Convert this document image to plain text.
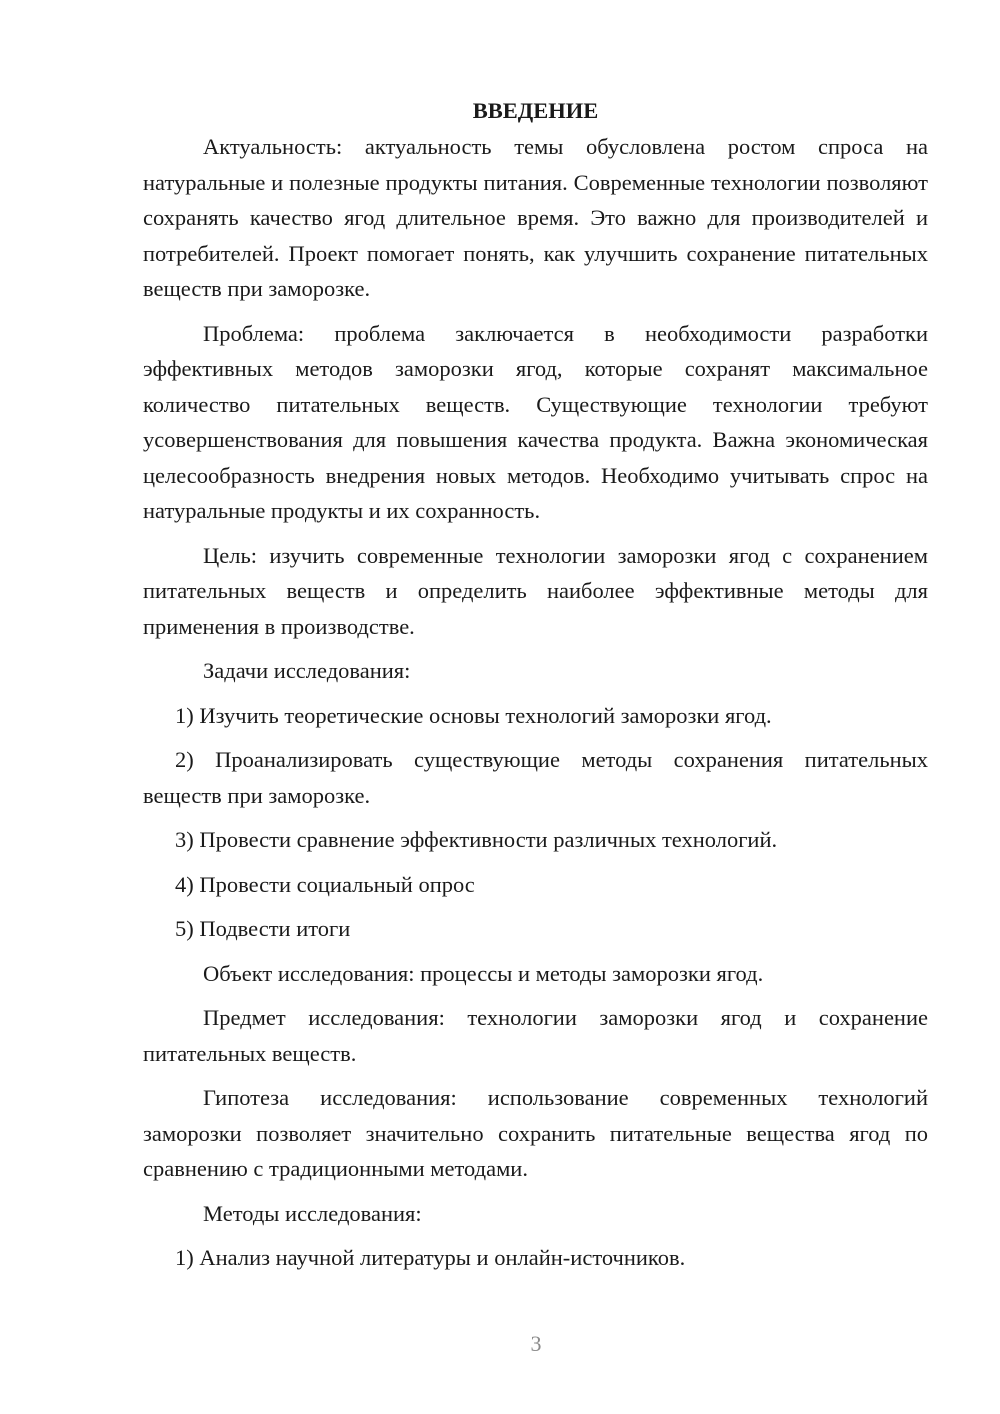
ВВЕДЕНИЕ

Актуальность: актуальность темы обусловлена ростом спроса на натуральные и полезные продукты питания. Современные технологии позволяют сохранять качество ягод длительное время. Это важно для производителей и потребителей. Проект помогает понять, как улучшить сохранение питательных веществ при заморозке.

Проблема: проблема заключается в необходимости разработки эффективных методов заморозки ягод, которые сохранят максимальное количество питательных веществ. Существующие технологии требуют усовершенствования для повышения качества продукта. Важна экономическая целесообразность внедрения новых методов. Необходимо учитывать спрос на натуральные продукты и их сохранность.

Цель: изучить современные технологии заморозки ягод с сохранением питательных веществ и определить наиболее эффективные методы для применения в производстве.

Задачи исследования:

1) Изучить теоретические основы технологий заморозки ягод.

2) Проанализировать существующие методы сохранения питательных веществ при заморозке.

3) Провести сравнение эффективности различных технологий.

4) Провести социальный опрос

5) Подвести итоги

Объект исследования: процессы и методы заморозки ягод.

Предмет исследования: технологии заморозки ягод и сохранение питательных веществ.

Гипотеза исследования: использование современных технологий заморозки позволяет значительно сохранить питательные вещества ягод по сравнению с традиционными методами.

Методы исследования:

1) Анализ научной литературы и онлайн-источников.

3
